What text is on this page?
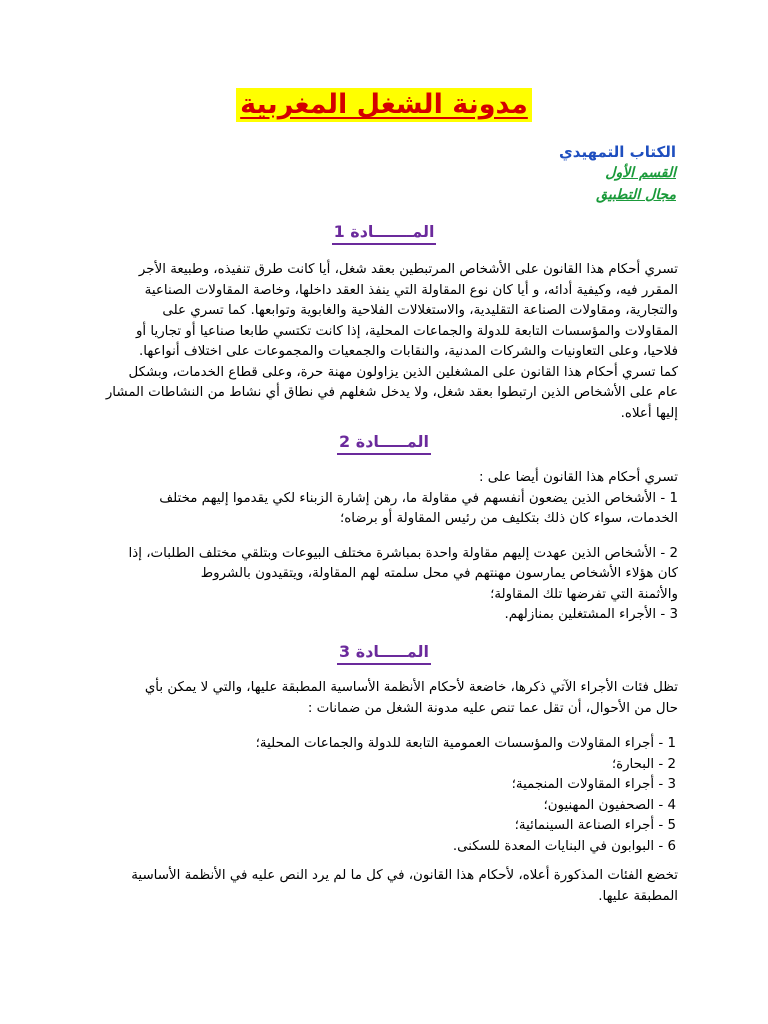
مدونة الشغل المغربية
الكتاب التمهيدي
القسم الأول
مجال التطبيق
المـــــــادة 1
تسري أحكام هذا القانون على الأشخاص المرتبطين بعقد شغل، أيا كانت طرق تنفيذه، وطبيعة الأجر
المقرر فيه، وكيفية أدائه، و أيا كان نوع المقاولة التي ينفذ العقد داخلها، وخاصة المقاولات الصناعية
والتجارية، ومقاولات الصناعة التقليدية، والاستغلالات الفلاحية والغابوية وتوابعها. كما تسري على
المقاولات والمؤسسات التابعة للدولة والجماعات المحلية، إذا كانت تكتسي طابعا صناعيا أو تجاريا أو
فلاحيا، وعلى التعاونيات والشركات المدنية، والنقابات والجمعيات والمجموعات على اختلاف أنواعها.
كما تسري أحكام هذا القانون على المشغلين الذين يزاولون مهنة حرة، وعلى قطاع الخدمات، وبشكل
عام على الأشخاص الذين ارتبطوا بعقد شغل، ولا يدخل شغلهم في نطاق أي نشاط من النشاطات المشار
إليها أعلاه.
المـــــادة 2
تسري أحكام هذا القانون أيضا على :
1 - الأشخاص الذين يضعون أنفسهم في مقاولة ما، رهن إشارة الزبناء لكي يقدموا إليهم مختلف
الخدمات، سواء كان ذلك بتكليف من رئيس المقاولة أو برضاه؛
2 - الأشخاص الذين عهدت إليهم مقاولة واحدة بمباشرة مختلف البيوعات وبتلقي مختلف الطلبات، إذا
كان هؤلاء الأشخاص يمارسون مهنتهم في محل سلمته لهم المقاولة، ويتقيدون بالشروط
والأثمنة التي تفرضها تلك المقاولة؛
3 - الأجراء المشتغلين بمنازلهم.
المـــــادة 3
تظل فئات الأجراء الآتي ذكرها، خاضعة لأحكام الأنظمة الأساسية المطبقة عليها، والتي لا يمكن بأي
حال من الأحوال، أن تقل عما تنص عليه مدونة الشغل من ضمانات :
1 - أجراء المقاولات والمؤسسات العمومية التابعة للدولة والجماعات المحلية؛
2 - البحارة؛
3 - أجراء المقاولات المنجمية؛
4 - الصحفيون المهنيون؛
5 - أجراء الصناعة السينمائية؛
6 - البوابون في البنايات المعدة للسكنى.
تخضع الفئات المذكورة أعلاه، لأحكام هذا القانون، في كل ما لم يرد النص عليه في الأنظمة الأساسية
المطبقة عليها.
